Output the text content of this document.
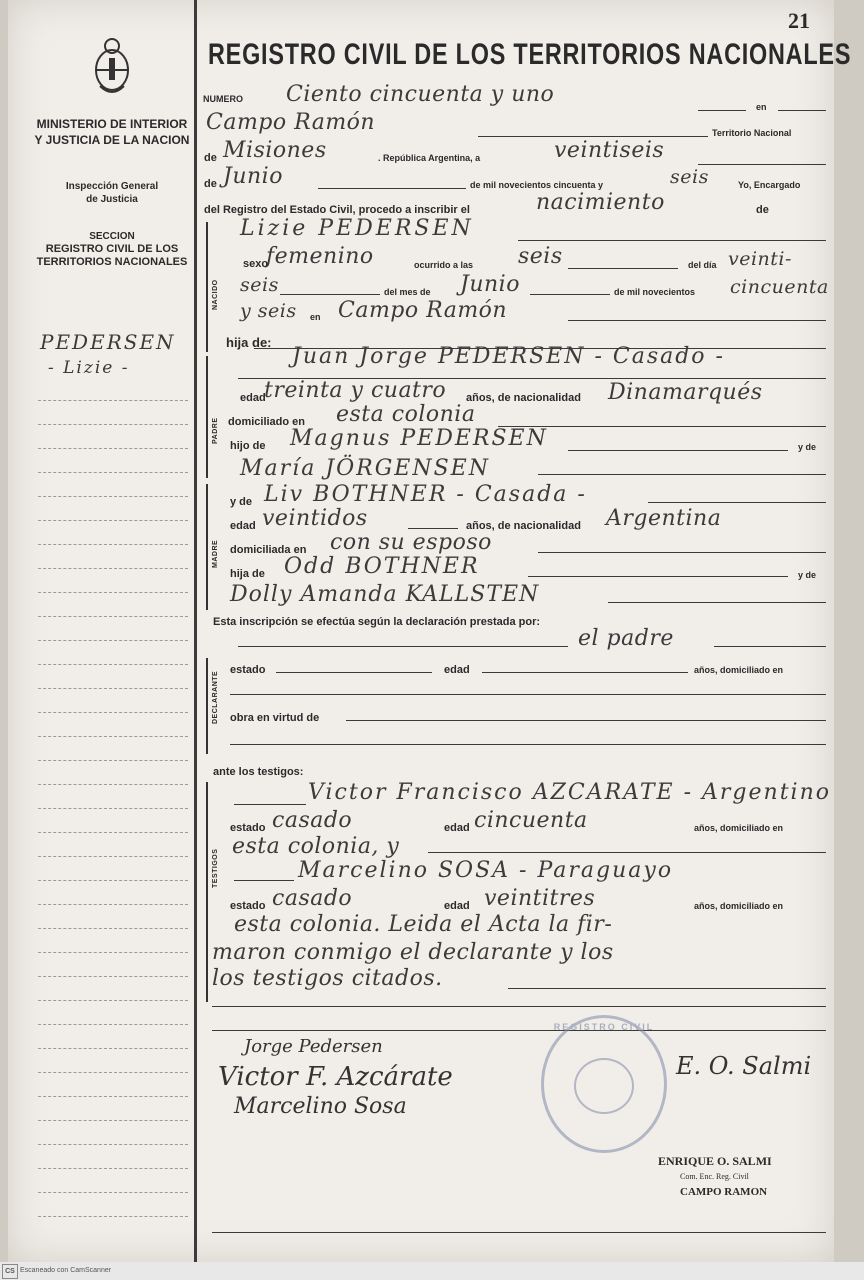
21
REGISTRO CIVIL DE LOS TERRITORIOS NACIONALES
MINISTERIO DE INTERIOR
Y JUSTICIA DE LA NACION
Inspección General
de Justicia
SECCION
REGISTRO CIVIL DE LOS
TERRITORIOS NACIONALES
PEDERSEN
- Lizie -
NUMERO Ciento cincuenta y uno	en
Campo Ramón	Territorio Nacional
de Misiones	. República Argentina, a	veintiseis
de Junio	de mil novecientos cincuenta y	seis	Yo, Encargado
del Registro del Estado Civil, procedo a inscribir el	nacimiento	de
NACIDO
Lizie PEDERSEN
sexo
femenino	ocurrido a las seis	del día veinti-
seis	del mes de Junio	de mil novecientos cincuenta
y seis en Campo Ramón
hija de:
PADRE
Juan Jorge PEDERSEN - Casado -
edad
treinta y cuatro años, de nacionalidad Dinamarqués
domiciliado en esta colonia
hijo de Magnus PEDERSEN	y de
María JÖRGENSEN
MADRE
y de Liv BOTHNER - Casada -
edad veintidos	años, de nacionalidad Argentina
domiciliada en con su esposo
hija de Odd BOTHNER	y de
Dolly Amanda KALLSTEN
Esta inscripción se efectúa según la declaración prestada por:
el padre
DECLARANTE
estado	edad	años, domiciliado en
obra en virtud de
ante los testigos:
TESTIGOS
Victor Francisco AZCARATE - Argentino
estado casado	edad cincuenta	años, domiciliado en
esta colonia, y
Marcelino SOSA - Paraguayo
estado casado	edad veintitres	años, domiciliado en
esta colonia. Leida el Acta la fir-
maron conmigo el declarante y los
los testigos citados.
Jorge Pedersen
Victor F. Azcárate
Marcelino Sosa
E. O. Salmi
REGISTRO CIVIL
ENRIQUE O. SALMI
Com. Enc. Reg. Civil
CAMPO RAMON
CS Escaneado con CamScanner
